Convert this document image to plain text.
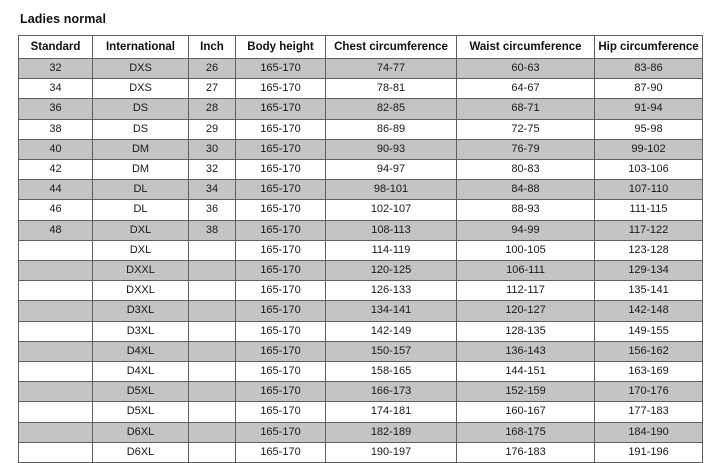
Ladies normal
Standard	International	Inch	Body height	Chest circumference	Waist circumference	Hip circumference
32	DXS	26	165-170	74-77	60-63	83-86
34	DXS	27	165-170	78-81	64-67	87-90
36	DS	28	165-170	82-85	68-71	91-94
38	DS	29	165-170	86-89	72-75	95-98
40	DM	30	165-170	90-93	76-79	99-102
42	DM	32	165-170	94-97	80-83	103-106
44	DL	34	165-170	98-101	84-88	107-110
46	DL	36	165-170	102-107	88-93	111-115
48	DXL	38	165-170	108-113	94-99	117-122
	DXL		165-170	114-119	100-105	123-128
	DXXL		165-170	120-125	106-111	129-134
	DXXL		165-170	126-133	112-117	135-141
	D3XL		165-170	134-141	120-127	142-148
	D3XL		165-170	142-149	128-135	149-155
	D4XL		165-170	150-157	136-143	156-162
	D4XL		165-170	158-165	144-151	163-169
	D5XL		165-170	166-173	152-159	170-176
	D5XL		165-170	174-181	160-167	177-183
	D6XL		165-170	182-189	168-175	184-190
	D6XL		165-170	190-197	176-183	191-196
